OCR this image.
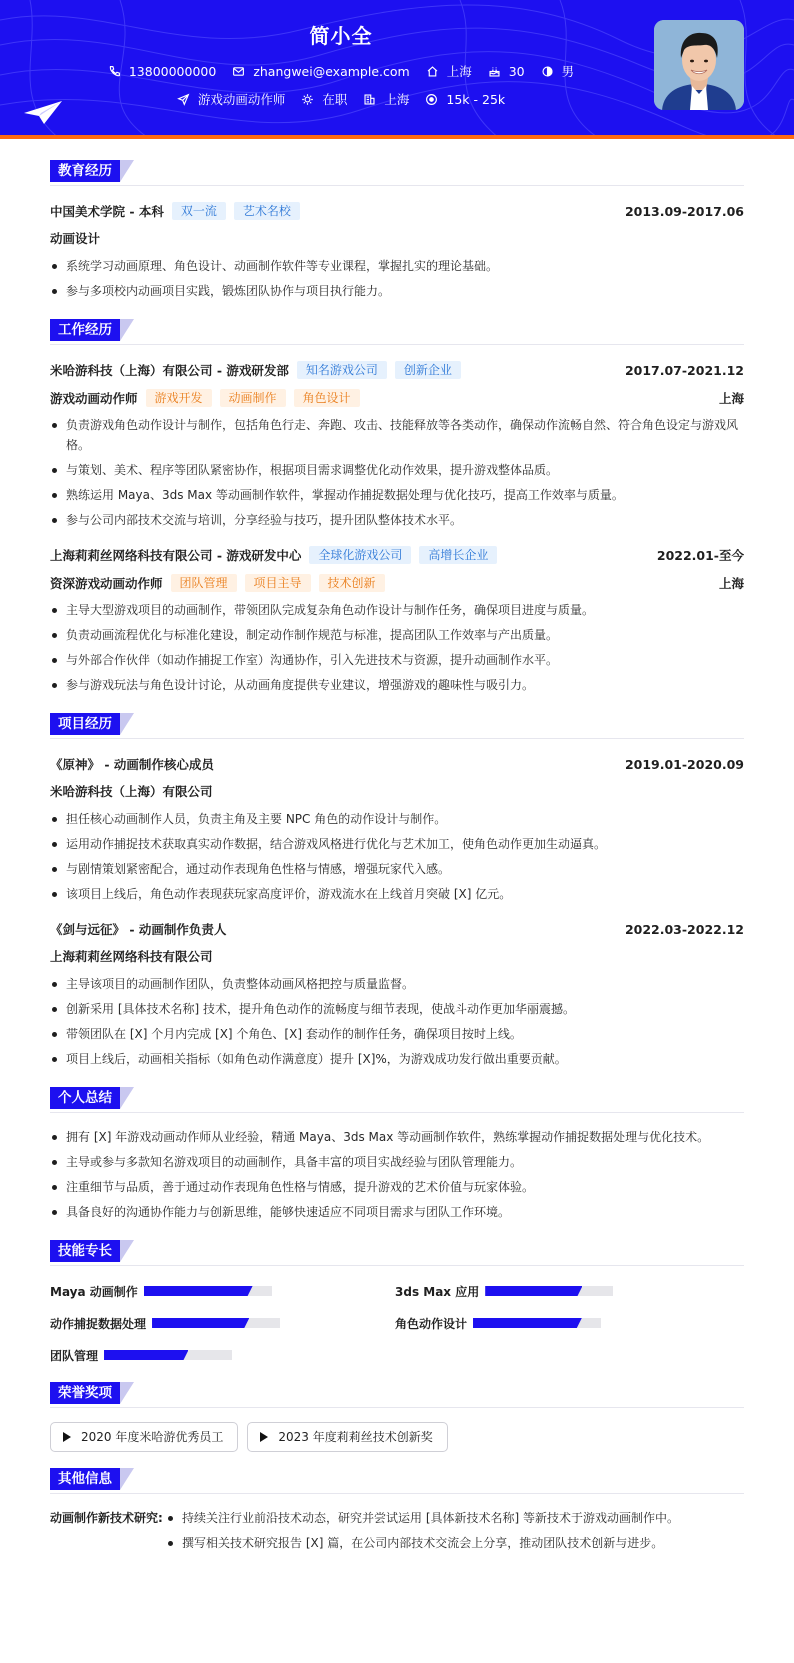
简小全
13800000000	zhangwei@example.com	上海	30	男
游戏动画动作师	在职	上海	15k - 25k
教育经历
中国美术学院 - 本科	双一流	艺术名校	2013.09-2017.06
动画设计
系统学习动画原理、角色设计、动画制作软件等专业课程，掌握扎实的理论基础。
参与多项校内动画项目实践，锻炼团队协作与项目执行能力。
工作经历
米哈游科技（上海）有限公司 - 游戏研发部	知名游戏公司	创新企业	2017.07-2021.12
游戏动画动作师	游戏开发	动画制作	角色设计	上海
负责游戏角色动作设计与制作，包括角色行走、奔跑、攻击、技能释放等各类动作，确保动作流畅自然、符合角色设定与游戏风格。
与策划、美术、程序等团队紧密协作，根据项目需求调整优化动作效果，提升游戏整体品质。
熟练运用 Maya、3ds Max 等动画制作软件，掌握动作捕捉数据处理与优化技巧，提高工作效率与质量。
参与公司内部技术交流与培训，分享经验与技巧，提升团队整体技术水平。
上海莉莉丝网络科技有限公司 - 游戏研发中心	全球化游戏公司	高增长企业	2022.01-至今
资深游戏动画动作师	团队管理	项目主导	技术创新	上海
主导大型游戏项目的动画制作，带领团队完成复杂角色动作设计与制作任务，确保项目进度与质量。
负责动画流程优化与标准化建设，制定动作制作规范与标准，提高团队工作效率与产出质量。
与外部合作伙伴（如动作捕捉工作室）沟通协作，引入先进技术与资源，提升动画制作水平。
参与游戏玩法与角色设计讨论，从动画角度提供专业建议，增强游戏的趣味性与吸引力。
项目经历
《原神》 - 动画制作核心成员	2019.01-2020.09
米哈游科技（上海）有限公司
担任核心动画制作人员，负责主角及主要 NPC 角色的动作设计与制作。
运用动作捕捉技术获取真实动作数据，结合游戏风格进行优化与艺术加工，使角色动作更加生动逼真。
与剧情策划紧密配合，通过动作表现角色性格与情感，增强玩家代入感。
该项目上线后，角色动作表现获玩家高度评价，游戏流水在上线首月突破 [X] 亿元。
《剑与远征》 - 动画制作负责人	2022.03-2022.12
上海莉莉丝网络科技有限公司
主导该项目的动画制作团队，负责整体动画风格把控与质量监督。
创新采用 [具体技术名称] 技术，提升角色动作的流畅度与细节表现，使战斗动作更加华丽震撼。
带领团队在 [X] 个月内完成 [X] 个角色、[X] 套动作的制作任务，确保项目按时上线。
项目上线后，动画相关指标（如角色动作满意度）提升 [X]%，为游戏成功发行做出重要贡献。
个人总结
拥有 [X] 年游戏动画动作师从业经验，精通 Maya、3ds Max 等动画制作软件，熟练掌握动作捕捉数据处理与优化技术。
主导或参与多款知名游戏项目的动画制作，具备丰富的项目实战经验与团队管理能力。
注重细节与品质，善于通过动作表现角色性格与情感，提升游戏的艺术价值与玩家体验。
具备良好的沟通协作能力与创新思维，能够快速适应不同项目需求与团队工作环境。
技能专长
Maya 动画制作	3ds Max 应用
动作捕捉数据处理	角色动作设计
团队管理
荣誉奖项
2020 年度米哈游优秀员工	2023 年度莉莉丝技术创新奖
其他信息
动画制作新技术研究:	持续关注行业前沿技术动态，研究并尝试运用 [具体新技术名称] 等新技术于游戏动画制作中。
撰写相关技术研究报告 [X] 篇，在公司内部技术交流会上分享，推动团队技术创新与进步。
